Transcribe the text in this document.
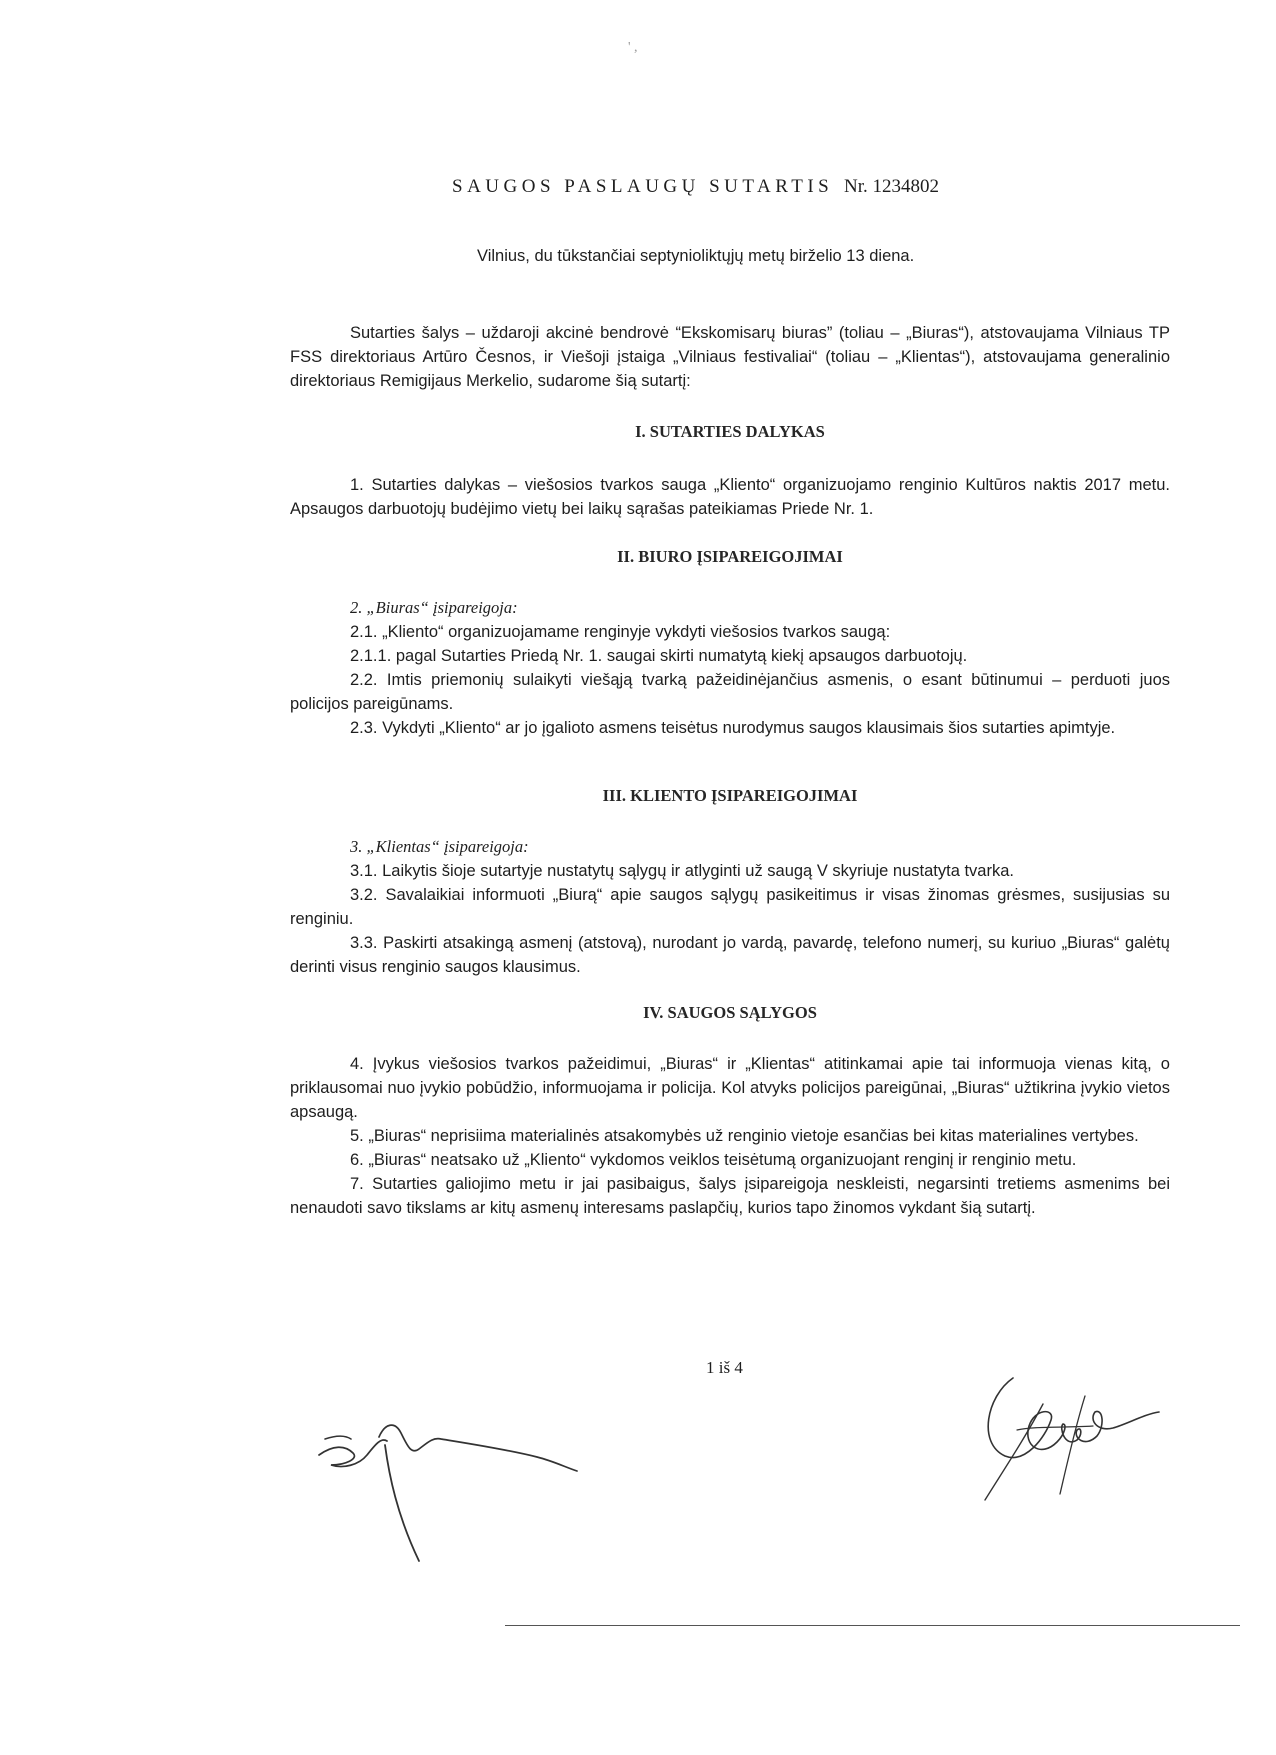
' ,
SAUGOS PASLAUGŲ SUTARTIS Nr. 1234802
Vilnius, du tūkstančiai septynioliktųjų metų birželio 13 diena.

Sutarties šalys – uždaroji akcinė bendrovė “Ekskomisarų biuras” (toliau – „Biuras“), atstovaujama Vilniaus TP FSS direktoriaus Artūro Česnos, ir Viešoji įstaiga „Vilniaus festivaliai“ (toliau – „Klientas“), atstovaujama generalinio direktoriaus Remigijaus Merkelio, sudarome šią sutartį:

I. SUTARTIES DALYKAS

1. Sutarties dalykas – viešosios tvarkos sauga „Kliento“ organizuojamo renginio Kultūros naktis 2017 metu. Apsaugos darbuotojų budėjimo vietų bei laikų sąrašas pateikiamas Priede Nr. 1.

II. BIURO ĮSIPAREIGOJIMAI

2. „Biuras“ įsipareigoja:

2.1. „Kliento“ organizuojamame renginyje vykdyti viešosios tvarkos saugą:

2.1.1. pagal Sutarties Priedą Nr. 1. saugai skirti numatytą kiekį apsaugos darbuotojų.

2.2. Imtis priemonių sulaikyti viešąją tvarką pažeidinėjančius asmenis, o esant būtinumui – perduoti juos policijos pareigūnams.

2.3. Vykdyti „Kliento“ ar jo įgalioto asmens teisėtus nurodymus saugos klausimais šios sutarties apimtyje.

III. KLIENTO ĮSIPAREIGOJIMAI

3. „Klientas“ įsipareigoja:

3.1. Laikytis šioje sutartyje nustatytų sąlygų ir atlyginti už saugą V skyriuje nustatyta tvarka.

3.2. Savalaikiai informuoti „Biurą“ apie saugos sąlygų pasikeitimus ir visas žinomas grėsmes, susijusias su renginiu.

3.3. Paskirti atsakingą asmenį (atstovą), nurodant jo vardą, pavardę, telefono numerį, su kuriuo „Biuras“ galėtų derinti visus renginio saugos klausimus.

IV. SAUGOS SĄLYGOS

4. Įvykus viešosios tvarkos pažeidimui, „Biuras“ ir „Klientas“ atitinkamai apie tai informuoja vienas kitą, o priklausomai nuo įvykio pobūdžio, informuojama ir policija. Kol atvyks policijos pareigūnai, „Biuras“ užtikrina įvykio vietos apsaugą.

5. „Biuras“ neprisiima materialinės atsakomybės už renginio vietoje esančias bei kitas materialines vertybes.

6. „Biuras“ neatsako už „Kliento“ vykdomos veiklos teisėtumą organizuojant renginį ir renginio metu.

7. Sutarties galiojimo metu ir jai pasibaigus, šalys įsipareigoja neskleisti, negarsinti tretiems asmenims bei nenaudoti savo tikslams ar kitų asmenų interesams paslapčių, kurios tapo žinomos vykdant šią sutartį.

1 iš 4
